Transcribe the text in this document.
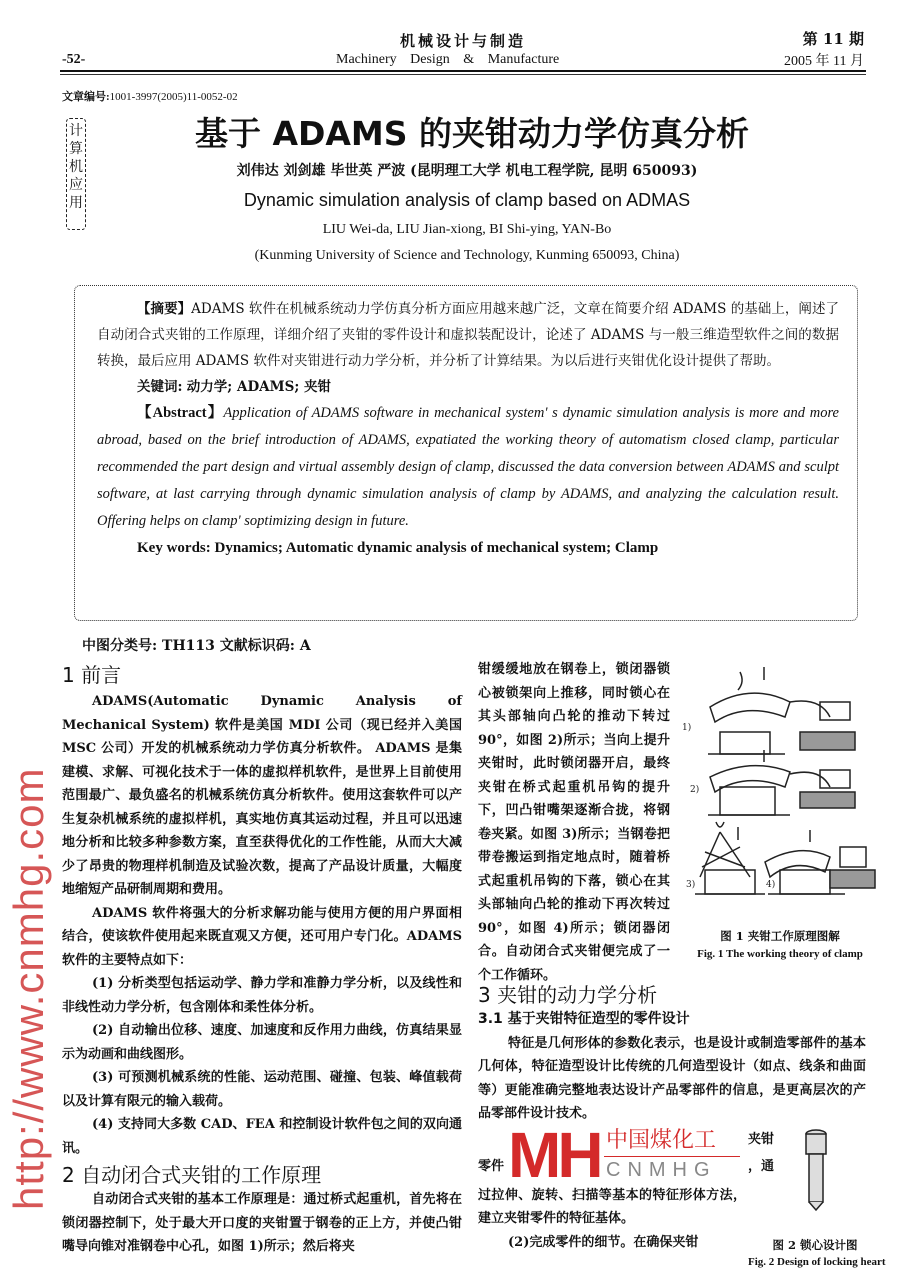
机械设计与制造	第 11 期
-52-	Machinery Design & Manufacture	2005 年 11 月
文章编号:1001-3997(2005)11-0052-02
计算机应用
基于 ADAMS 的夹钳动力学仿真分析
刘伟达 刘剑雄 毕世英 严波 (昆明理工大学 机电工程学院, 昆明 650093)
Dynamic simulation analysis of clamp based on ADMAS
LIU Wei-da, LIU Jian-xiong, BI Shi-ying, YAN-Bo
(Kunming University of Science and Technology, Kunming 650093, China)

【摘要】ADAMS 软件在机械系统动力学仿真分析方面应用越来越广泛，文章在简要介绍 ADAMS 的基础上，阐述了自动闭合式夹钳的工作原理，详细介绍了夹钳的零件设计和虚拟装配设计，论述了 ADAMS 与一般三维造型软件之间的数据转换，最后应用 ADAMS 软件对夹钳进行动力学分析，并分析了计算结果。为以后进行夹钳优化设计提供了帮助。

关键词: 动力学; ADAMS; 夹钳

【Abstract】Application of ADAMS software in mechanical system' s dynamic simulation analysis is more and more abroad, based on the brief introduction of ADAMS, expatiated the working theory of automatism closed clamp, particular recommended the part design and virtual assembly design of clamp, discussed the data conversion between ADAMS and sculpt software, at last carrying through dynamic simulation analysis of clamp by ADAMS, and analyzing the calculation result. Offering helps on clamp' soptimizing design in future.

Key words: Dynamics; Automatic dynamic analysis of mechanical system; Clamp

中图分类号: TH113 文献标识码: A
1 前言

ADAMS(Automatic Dynamic Analysis of Mechanical System) 软件是美国 MDI 公司（现已经并入美国 MSC 公司）开发的机械系统动力学仿真分析软件。 ADAMS 是集建模、求解、可视化技术于一体的虚拟样机软件，是世界上目前使用范围最广、最负盛名的机械系统仿真分析软件。使用这套软件可以产生复杂机械系统的虚拟样机，真实地仿真其运动过程，并且可以迅速地分析和比较多种参数方案，直至获得优化的工作性能，从而大大减少了昂贵的物理样机制造及试验次数，提高了产品设计质量，大幅度地缩短产品研制周期和费用。

ADAMS 软件将强大的分析求解功能与使用方便的用户界面相结合，使该软件使用起来既直观又方便，还可用户专门化。ADAMS 软件的主要特点如下：

(1) 分析类型包括运动学、静力学和准静力学分析，以及线性和非线性动力学分析，包含刚体和柔性体分析。

(2) 自动输出位移、速度、加速度和反作用力曲线，仿真结果显示为动画和曲线图形。

(3) 可预测机械系统的性能、运动范围、碰撞、包装、峰值载荷以及计算有限元的输入载荷。

(4) 支持同大多数 CAD、FEA 和控制设计软件包之间的双向通讯。

2 自动闭合式夹钳的工作原理

自动闭合式夹钳的基本工作原理是：通过桥式起重机，首先将在锁闭器控制下，处于最大开口度的夹钳置于钢卷的正上方，并使凸钳嘴导向锥对准钢卷中心孔，如图 1)所示；然后将夹

钳缓缓地放在钢卷上，锁闭器锁心被锁架向上推移，同时锁心在其头部轴向凸轮的推动下转过 90°，如图 2)所示；当向上提升夹钳时，此时锁闭器开启，最终夹钳在桥式起重机吊钩的提升下，凹凸钳嘴架逐渐合拢，将钢卷夹紧。如图 3)所示；当钢卷把带卷搬运到指定地点时，随着桥式起重机吊钩的下落，锁心在其头部轴向凸轮的推动下再次转过 90°，如图 4)所示；锁闭器闭合。自动闭合式夹钳便完成了一个工作循环。
1)
2)
3)	4)
图 1 夹钳工作原理图解
Fig. 1 The working theory of clamp
3 夹钳的动力学分析
3.1 基于夹钳特征造型的零件设计

特征是几何形体的参数化表示，也是设计或制造零部件的基本几何体，特征造型设计比传统的几何造型设计（如点、线条和曲面等）更能准确完整地表达设计产品零部件的信息，是更高层次的产品零部件设计技术。

零件 MH 中国煤化工
CNMHG
夹钳
，通

过拉伸、旋转、扫描等基本的特征形体方法，建立夹钳零件的特征基体。

(2)完成零件的细节。在确保夹钳	图 2 锁心设计图
Fig. 2 Design of locking heart
http://www.cnmhg.com
